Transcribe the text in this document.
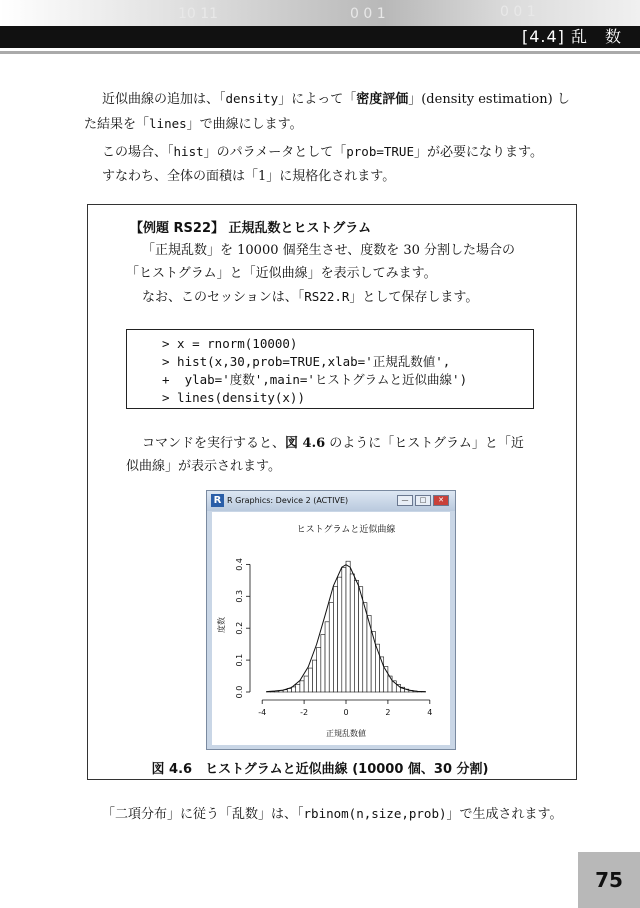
10 11	0 0 1	0 0 1
[4.4] 乱　数
近似曲線の追加は、「density」によって「密度評価」(density estimation) し
た結果を「lines」で曲線にします。
この場合、「hist」のパラメータとして「prob=TRUE」が必要になります。
すなわち、全体の面積は「1」に規格化されます。
【例題 RS22】 正規乱数とヒストグラム
「正規乱数」を 10000 個発生させ、度数を 30 分割した場合の
「ヒストグラム」と「近似曲線」を表示してみます。
なお、このセッションは、「RS22.R」として保存します。
> x = rnorm(10000)
> hist(x,30,prob=TRUE,xlab='正規乱数値',
+  ylab='度数',main='ヒストグラムと近似曲線')
> lines(density(x))
コマンドを実行すると、図 4.6 のように「ヒストグラム」と「近
似曲線」が表示されます。
R R Graphics: Device 2 (ACTIVE)	—	□	✕
ヒストグラムと近似曲線
-4	-2	0	2	4
0.0
0.1
0.2
0.3
0.4
正規乱数値
度数
図 4.6　ヒストグラムと近似曲線 (10000 個、30 分割)
「二項分布」に従う「乱数」は、「rbinom(n,size,prob)」で生成されます。
75
